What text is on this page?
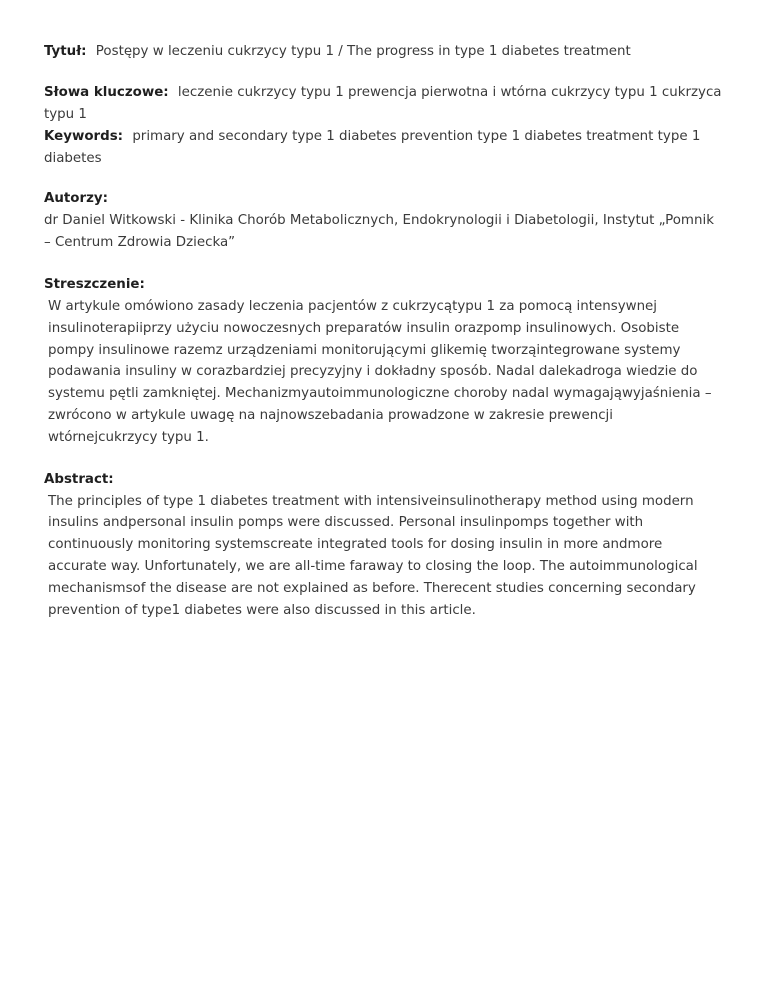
Tytuł: Postępy w leczeniu cukrzycy typu 1 / The progress in type 1 diabetes treatment

Słowa kluczowe: leczenie cukrzycy typu 1 prewencja pierwotna i wtórna cukrzycy typu 1 cukrzyca typu 1

Keywords: primary and secondary type 1 diabetes prevention type 1 diabetes treatment type 1 diabetes

Autorzy:

dr Daniel Witkowski - Klinika Chorób Metabolicznych, Endokrynologii i Diabetologii, Instytut „Pomnik – Centrum Zdrowia Dziecka”

Streszczenie:

W artykule omówiono zasady leczenia pacjentów z cukrzycątypu 1 za pomocą intensywnej insulinoterapiiprzy użyciu nowoczesnych preparatów insulin orazpomp insulinowych. Osobiste pompy insulinowe razemz urządzeniami monitorującymi glikemię tworząintegrowane systemy podawania insuliny w corazbardziej precyzyjny i dokładny sposób. Nadal dalekadroga wiedzie do systemu pętli zamkniętej. Mechanizmyautoimmunologiczne choroby nadal wymagająwyjaśnienia – zwrócono w artykule uwagę na najnowszebadania prowadzone w zakresie prewencji wtórnejcukrzycy typu 1.

Abstract:

The principles of type 1 diabetes treatment with intensiveinsulinotherapy method using modern insulins andpersonal insulin pomps were discussed. Personal insulinpomps together with continuously monitoring systemscreate integrated tools for dosing insulin in more andmore accurate way. Unfortunately, we are all-time faraway to closing the loop. The autoimmunological mechanismsof the disease are not explained as before. Therecent studies concerning secondary prevention of type1 diabetes were also discussed in this article.
